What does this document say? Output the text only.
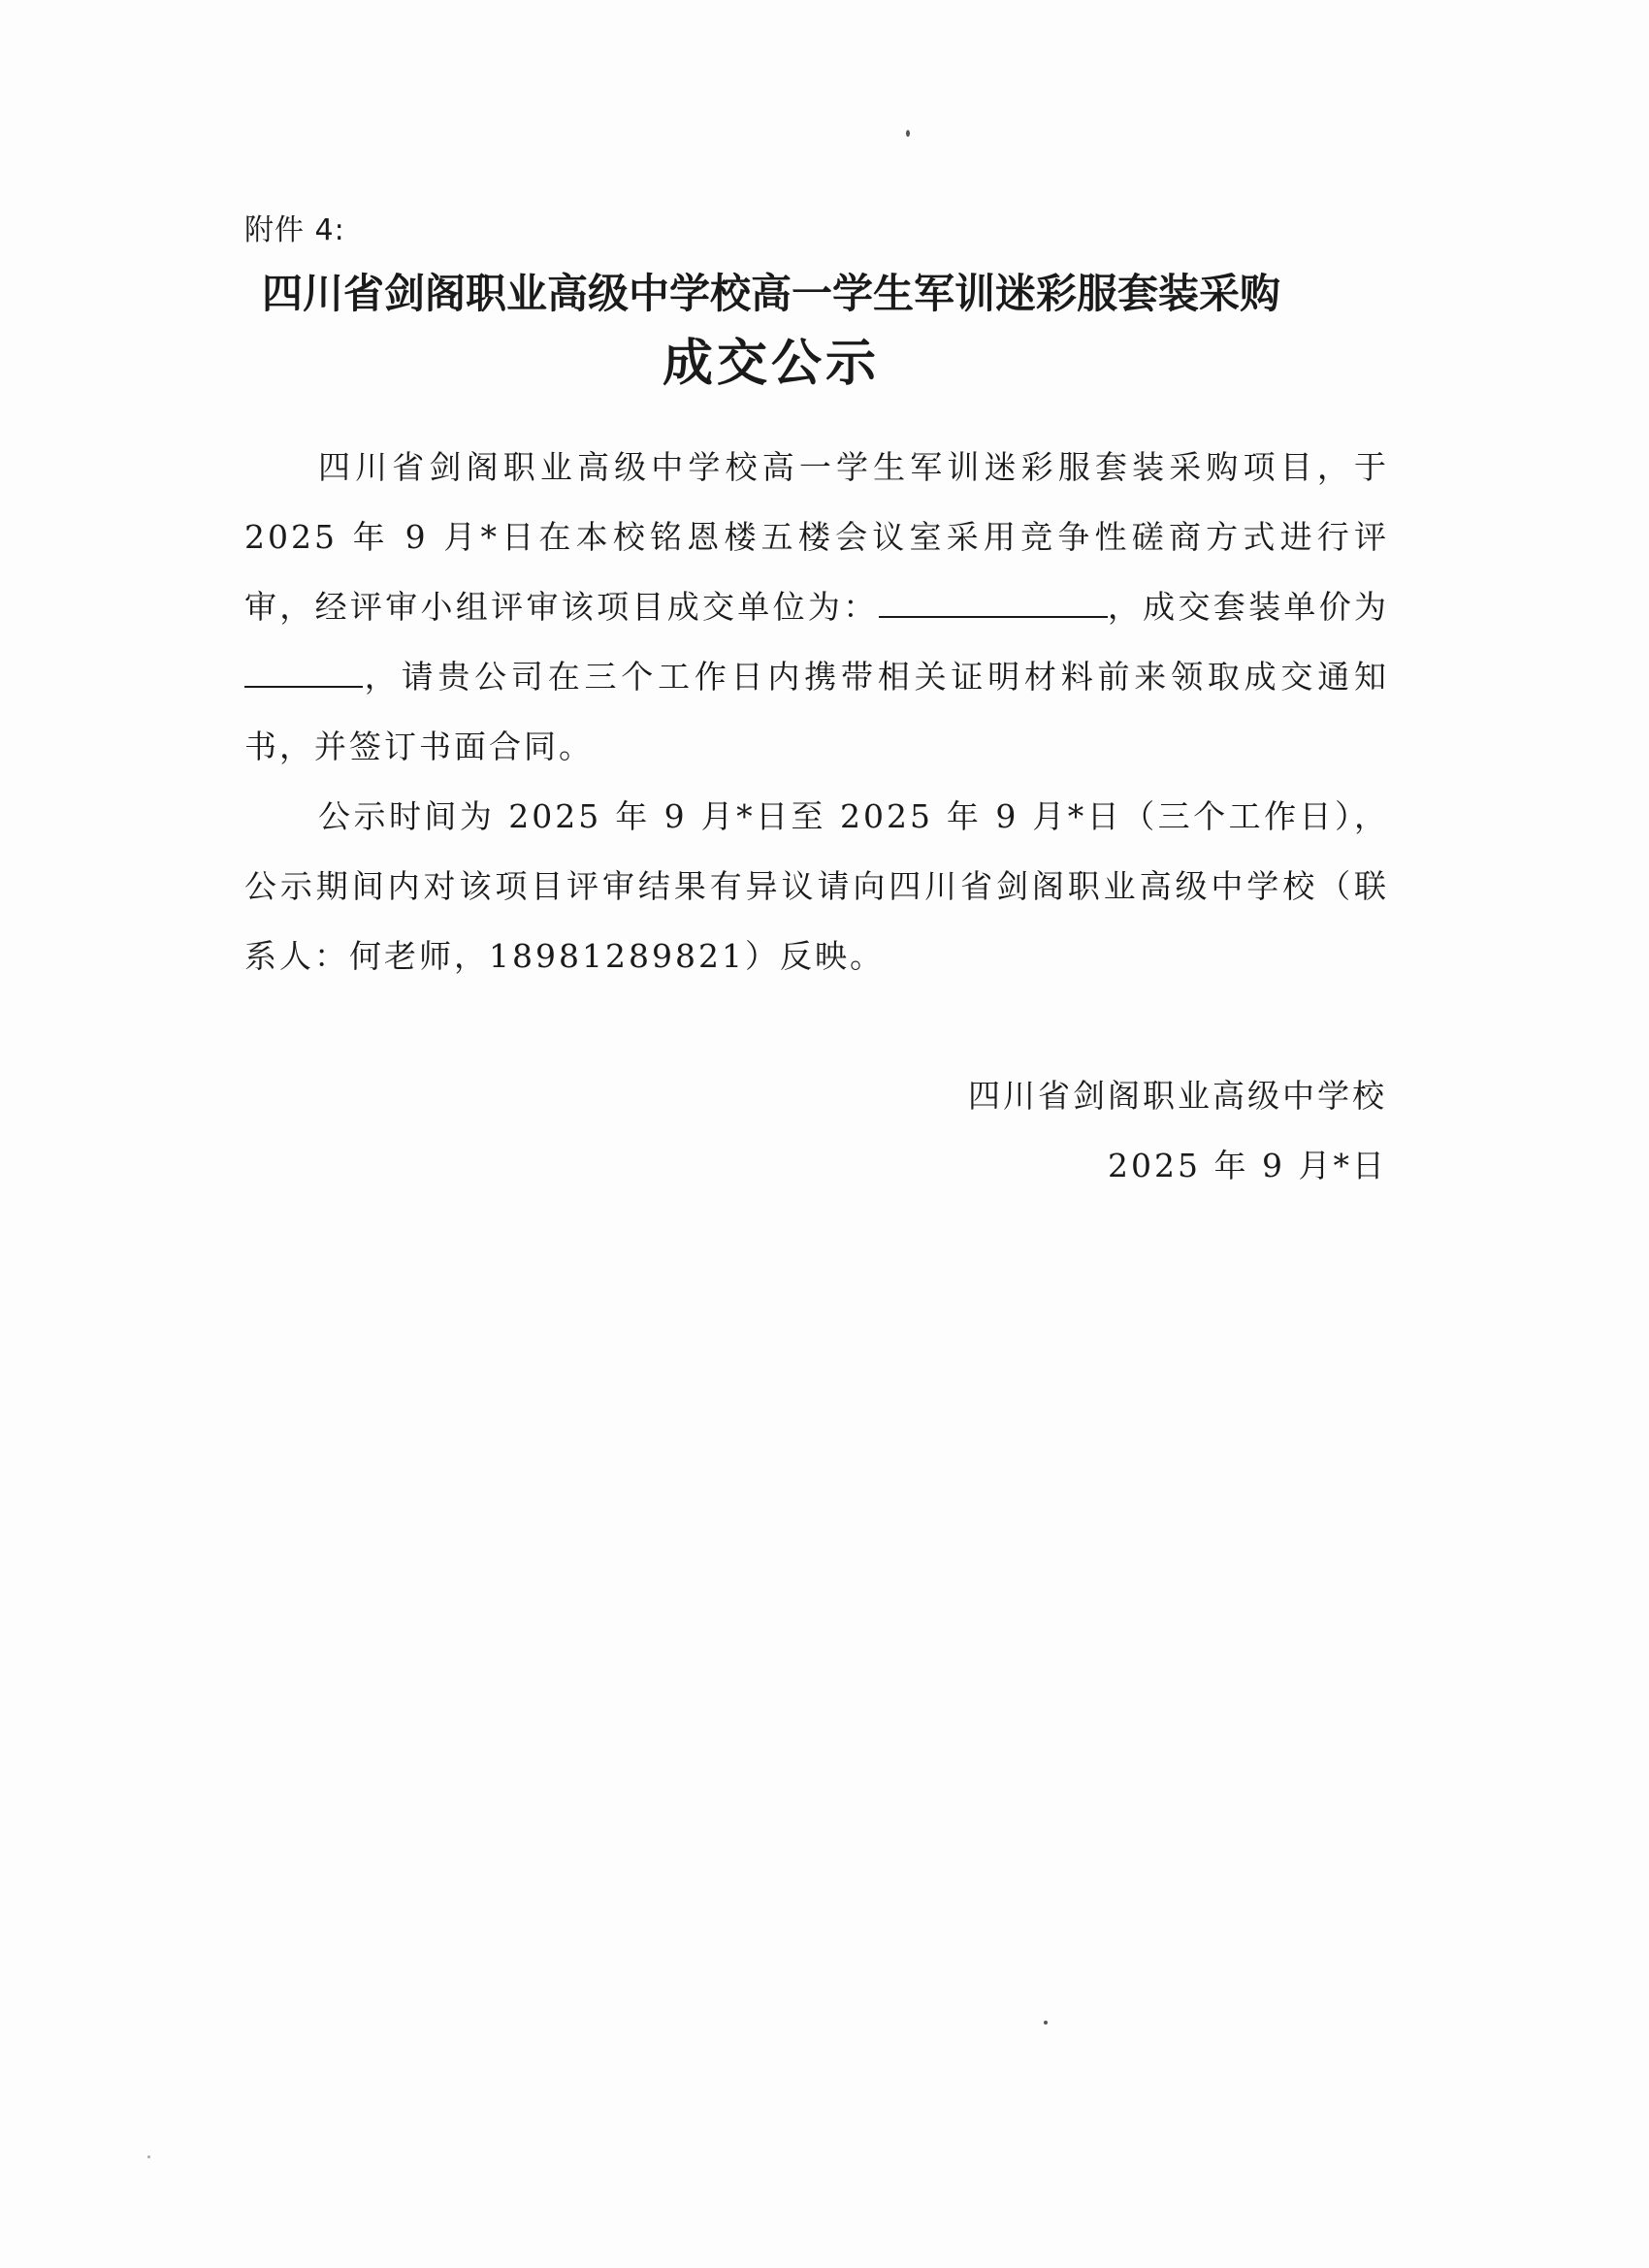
附件 4:
四川省剑阁职业高级中学校高一学生军训迷彩服套装采购
成交公示
四川省剑阁职业高级中学校高一学生军训迷彩服套装采购项目，于 2025 年 9 月*日在本校铭恩楼五楼会议室采用竞争性磋商方式进行评审，经评审小组评审该项目成交单位为：	，成交套装单价为，请贵公司在三个工作日内携带相关证明材料前来领取成交通知书，并签订书面合同。
公示时间为 2025 年 9 月*日至 2025 年 9 月*日（三个工作日），公示期间内对该项目评审结果有异议请向四川省剑阁职业高级中学校（联系人：何老师，18981289821）反映。
四川省剑阁职业高级中学校
2025 年 9 月*日
